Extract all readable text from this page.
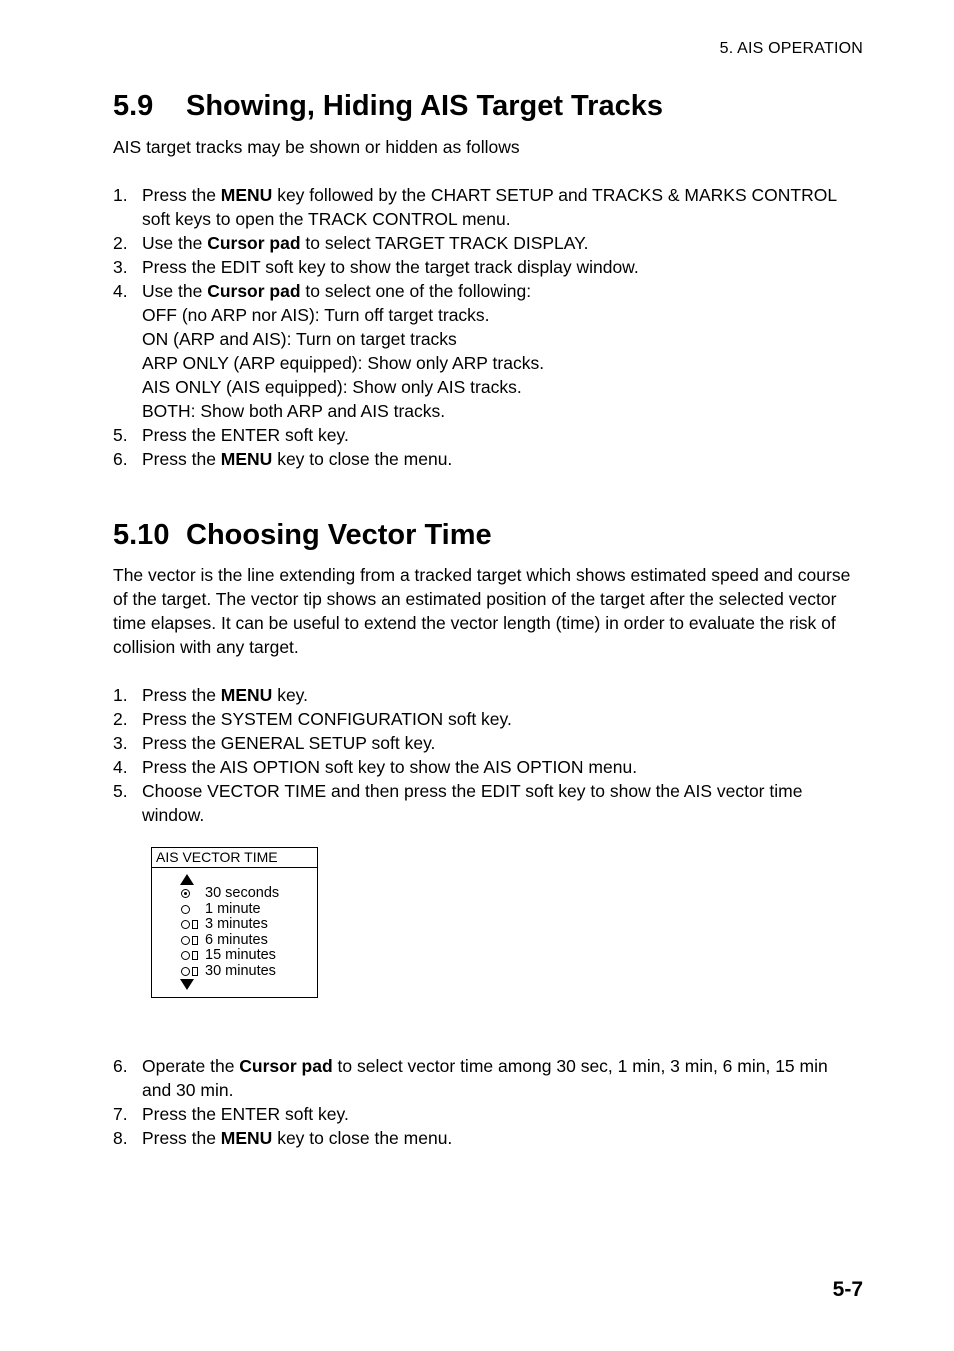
5. AIS OPERATION
5.9 Showing, Hiding AIS Target Tracks
AIS target tracks may be shown or hidden as follows
1. Press the MENU key followed by the CHART SETUP and TRACKS & MARKS CONTROL soft keys to open the TRACK CONTROL menu.
2. Use the Cursor pad to select TARGET TRACK DISPLAY.
3. Press the EDIT soft key to show the target track display window.
4. Use the Cursor pad to select one of the following:
OFF (no ARP nor AIS): Turn off target tracks.
ON (ARP and AIS): Turn on target tracks
ARP ONLY (ARP equipped): Show only ARP tracks.
AIS ONLY (AIS equipped): Show only AIS tracks.
BOTH: Show both ARP and AIS tracks.
5. Press the ENTER soft key.
6. Press the MENU key to close the menu.
5.10 Choosing Vector Time
The vector is the line extending from a tracked target which shows estimated speed and course of the target. The vector tip shows an estimated position of the target after the selected vector time elapses. It can be useful to extend the vector length (time) in order to evaluate the risk of collision with any target.
1. Press the MENU key.
2. Press the SYSTEM CONFIGURATION soft key.
3. Press the GENERAL SETUP soft key.
4. Press the AIS OPTION soft key to show the AIS OPTION menu.
5. Choose VECTOR TIME and then press the EDIT soft key to show the AIS vector time window.
AIS VECTOR TIME
30 seconds
1 minute
3 minutes
6 minutes
15 minutes
30 minutes
6. Operate the Cursor pad to select vector time among 30 sec, 1 min, 3 min, 6 min, 15 min and 30 min.
7. Press the ENTER soft key.
8. Press the MENU key to close the menu.
5-7
